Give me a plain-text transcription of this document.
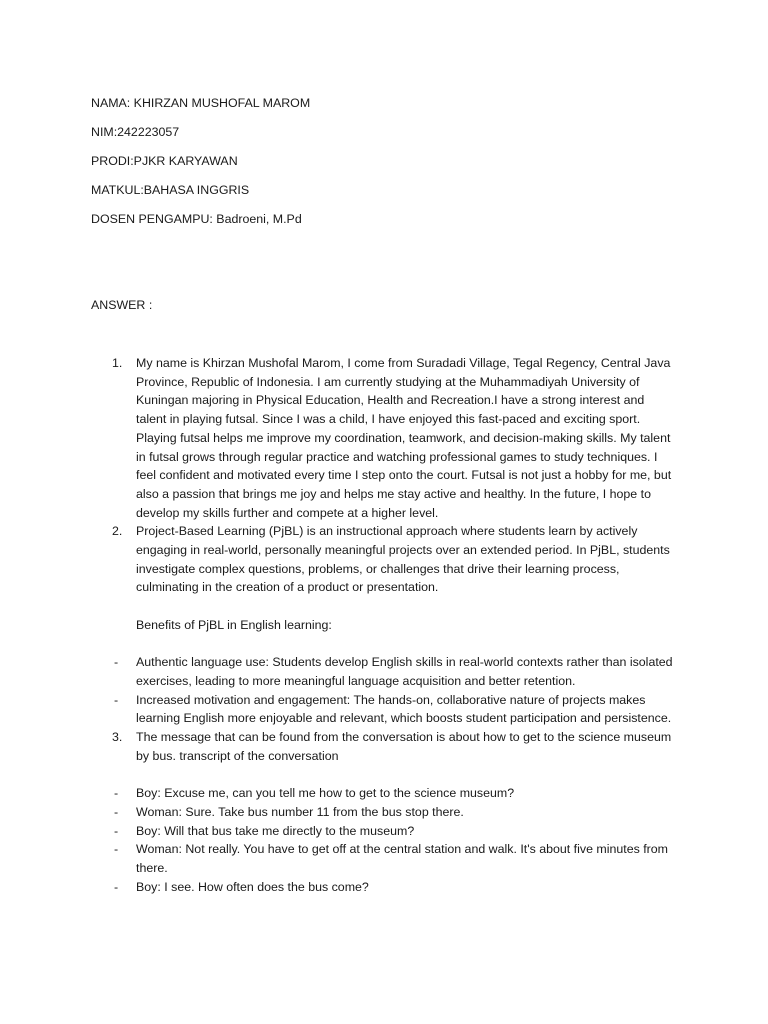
NAMA: KHIRZAN MUSHOFAL MAROM
NIM:242223057
PRODI:PJKR KARYAWAN
MATKUL:BAHASA INGGRIS
DOSEN PENGAMPU: Badroeni, M.Pd
ANSWER :
1. My name is Khirzan Mushofal Marom, I come from Suradadi Village, Tegal Regency, Central Java Province, Republic of Indonesia. I am currently studying at the Muhammadiyah University of Kuningan majoring in Physical Education, Health and Recreation.I have a strong interest and talent in playing futsal. Since I was a child, I have enjoyed this fast-paced and exciting sport. Playing futsal helps me improve my coordination, teamwork, and decision-making skills. My talent in futsal grows through regular practice and watching professional games to study techniques. I feel confident and motivated every time I step onto the court. Futsal is not just a hobby for me, but also a passion that brings me joy and helps me stay active and healthy. In the future, I hope to develop my skills further and compete at a higher level.
2. Project-Based Learning (PjBL) is an instructional approach where students learn by actively engaging in real-world, personally meaningful projects over an extended period. In PjBL, students investigate complex questions, problems, or challenges that drive their learning process, culminating in the creation of a product or presentation.
Benefits of PjBL in English learning:
- Authentic language use: Students develop English skills in real-world contexts rather than isolated exercises, leading to more meaningful language acquisition and better retention.
- Increased motivation and engagement: The hands-on, collaborative nature of projects makes learning English more enjoyable and relevant, which boosts student participation and persistence.
3. The message that can be found from the conversation is about how to get to the science museum by bus. transcript of the conversation
- Boy: Excuse me, can you tell me how to get to the science museum?
- Woman: Sure. Take bus number 11 from the bus stop there.
- Boy: Will that bus take me directly to the museum?
- Woman: Not really. You have to get off at the central station and walk. It's about five minutes from there.
- Boy: I see. How often does the bus come?
